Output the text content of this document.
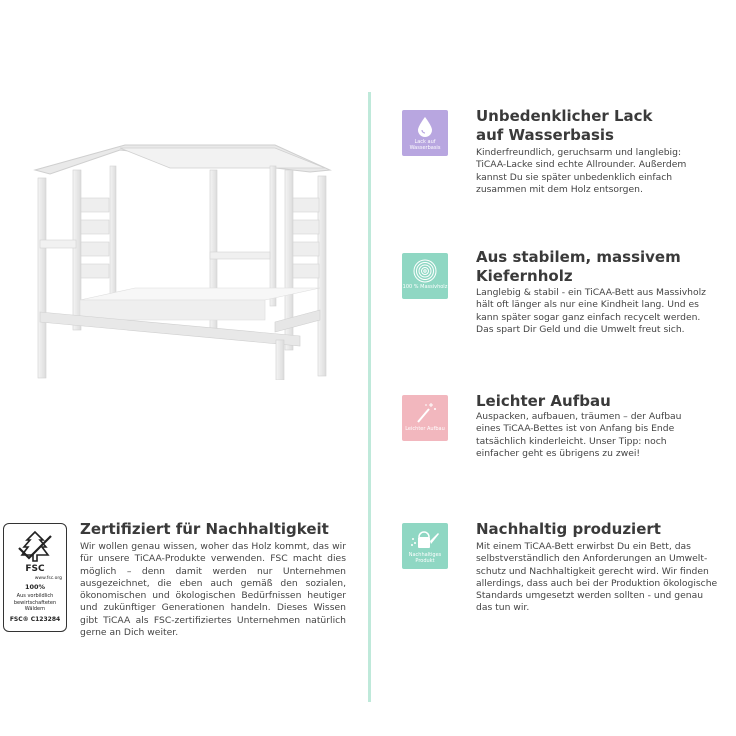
Lack auf Wasserbasis
Unbedenklicher Lack auf Wasserbasis
Kinderfreundlich, geruchsarm und langlebig: TiCAA-Lacke sind echte Allrounder. Außerdem kannst Du sie später unbedenklich einfach zusammen mit dem Holz entsorgen.
100 % Massivholz
Aus stabilem, massivem Kiefernholz
Langlebig & stabil - ein TiCAA-Bett aus Massivholz hält oft länger als nur eine Kindheit lang. Und es kann später sogar ganz einfach recycelt werden. Das spart Dir Geld und die Umwelt freut sich.
Leichter Aufbau
Leichter Aufbau
Auspacken, aufbauen, träumen – der Aufbau eines TiCAA-Bettes ist von Anfang bis Ende tatsächlich kinderleicht. Unser Tipp: noch einfacher geht es übrigens zu zwei!
Nachhaltiges Produkt
Nachhaltig produziert
Mit einem TiCAA-Bett erwirbst Du ein Bett, das selbstverständlich den Anforderungen an Umwelt-schutz und Nachhaltigkeit gerecht wird. Wir finden allerdings, dass auch bei der Produktion ökologische Standards umgesetzt werden sollten - und genau das tun wir.
FSC
www.fsc.org
100%
Aus vorbildlich bewirtschafteten Wäldern
FSC® C123284
Zertifiziert für Nachhaltigkeit
Wir wollen genau wissen, woher das Holz kommt, das wir für unsere TiCAA-Produkte verwenden. FSC macht dies möglich – denn damit werden nur Unternehmen ausgezeichnet, die eben auch gemäß den sozialen, ökonomischen und ökologischen Bedürfnissen heutiger und zukünftiger Generationen handeln. Dieses Wissen gibt TiCAA als FSC-zertifiziertes Unternehmen natürlich gerne an Dich weiter.
